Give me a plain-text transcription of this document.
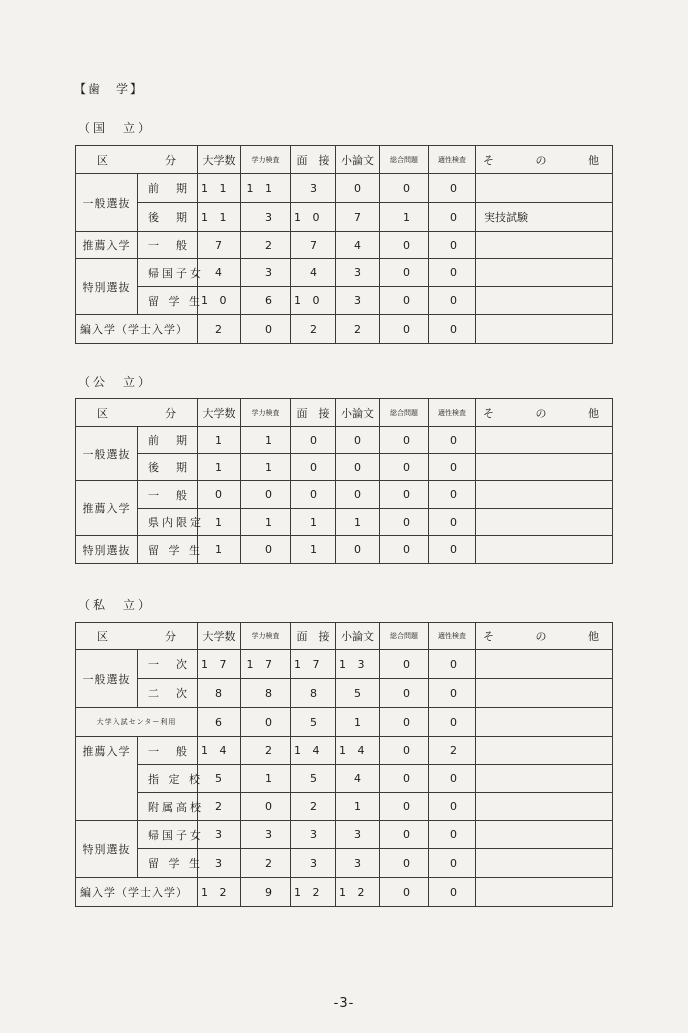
【歯　学】
（国　立）
区 分		大学数	学力検査	面　接	小論文	総合問題	適性検査	そ の 他

一般選抜	前　期	1 1	1 1	3	0	0	0	
	後　期	1 1	3	1 0	7	1	0	実技試験
推薦入学	一　般	7	2	7	4	0	0	
特別選抜	帰国子女	4	3	4	3	0	0	
	留 学 生	1 0	6	1 0	3	0	0	
編入学（学士入学）		2	0	2	2	0	0	
（公　立）
区 分		大学数	学力検査	面　接	小論文	総合問題	適性検査	そ の 他

一般選抜	前　期	1	1	0	0	0	0	
	後　期	1	1	0	0	0	0	
推薦入学	一　般	0	0	0	0	0	0	
	県内限定	1	1	1	1	0	0	
特別選抜	留 学 生	1	0	1	0	0	0	
（私　立）
区 分		大学数	学力検査	面　接	小論文	総合問題	適性検査	そ の 他

一般選抜	一　次	1 7	1 7	1 7	1 3	0	0	
	二　次	8	8	8	5	0	0	
大学入試センター利用		6	0	5	1	0	0	
推薦入学	一　般	1 4	2	1 4	1 4	0	2	
	指 定 校	5	1	5	4	0	0	
	附属高校	2	0	2	1	0	0	
特別選抜	帰国子女	3	3	3	3	0	0	
	留 学 生	3	2	3	3	0	0	
編入学（学士入学）		1 2	9	1 2	1 2	0	0	
-3-
